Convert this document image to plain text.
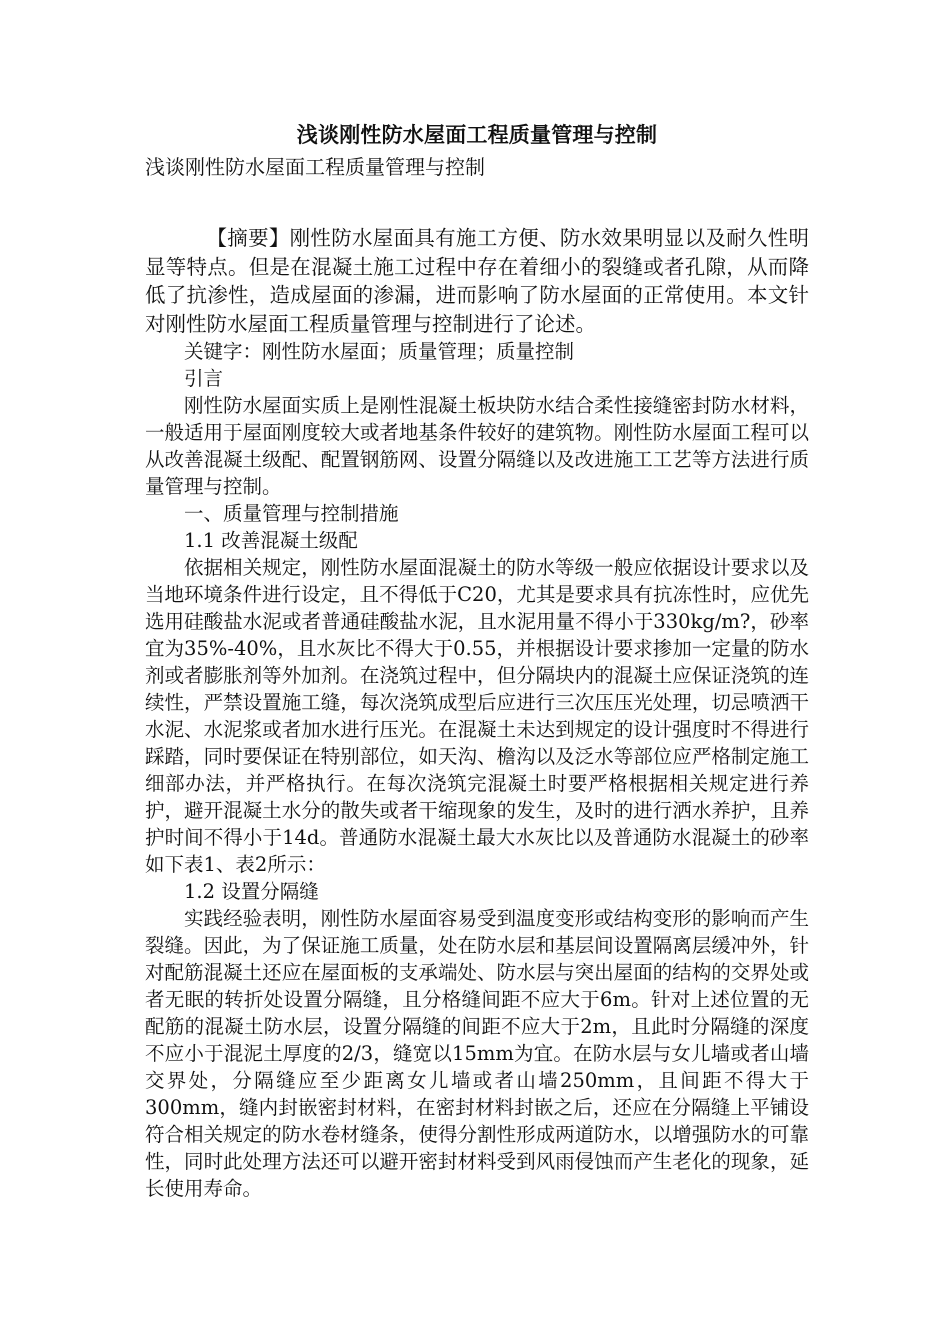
浅谈刚性防水屋面工程质量管理与控制

浅谈刚性防水屋面工程质量管理与控制

【摘要】刚性防水屋面具有施工方便、防水效果明显以及耐久性明显等特点。但是在混凝土施工过程中存在着细小的裂缝或者孔隙，从而降低了抗渗性，造成屋面的渗漏，进而影响了防水屋面的正常使用。本文针对刚性防水屋面工程质量管理与控制进行了论述。

关键字：刚性防水屋面；质量管理；质量控制

引言

刚性防水屋面实质上是刚性混凝土板块防水结合柔性接缝密封防水材料，一般适用于屋面刚度较大或者地基条件较好的建筑物。刚性防水屋面工程可以从改善混凝土级配、配置钢筋网、设置分隔缝以及改进施工工艺等方法进行质量管理与控制。

一、质量管理与控制措施

1.1 改善混凝土级配

依据相关规定，刚性防水屋面混凝土的防水等级一般应依据设计要求以及当地环境条件进行设定，且不得低于C20，尤其是要求具有抗冻性时，应优先选用硅酸盐水泥或者普通硅酸盐水泥，且水泥用量不得小于330kg/m?，砂率宜为35%-40%，且水灰比不得大于0.55，并根据设计要求掺加一定量的防水剂或者膨胀剂等外加剂。在浇筑过程中，但分隔块内的混凝土应保证浇筑的连续性，严禁设置施工缝，每次浇筑成型后应进行三次压压光处理，切忌喷洒干水泥、水泥浆或者加水进行压光。在混凝土未达到规定的设计强度时不得进行踩踏，同时要保证在特别部位，如天沟、檐沟以及泛水等部位应严格制定施工细部办法，并严格执行。在每次浇筑完混凝土时要严格根据相关规定进行养护，避开混凝土水分的散失或者干缩现象的发生，及时的进行洒水养护，且养护时间不得小于14d。普通防水混凝土最大水灰比以及普通防水混凝土的砂率如下表1、表2所示：

1.2 设置分隔缝

实践经验表明，刚性防水屋面容易受到温度变形或结构变形的影响而产生裂缝。因此，为了保证施工质量，处在防水层和基层间设置隔离层缓冲外，针对配筋混凝土还应在屋面板的支承端处、防水层与突出屋面的结构的交界处或者无眠的转折处设置分隔缝，且分格缝间距不应大于6m。针对上述位置的无配筋的混凝土防水层，设置分隔缝的间距不应大于2m，且此时分隔缝的深度不应小于混泥土厚度的2/3，缝宽以15mm为宜。在防水层与女儿墙或者山墙交界处，分隔缝应至少距离女儿墙或者山墙250mm，且间距不得大于300mm，缝内封嵌密封材料，在密封材料封嵌之后，还应在分隔缝上平铺设符合相关规定的防水卷材缝条，使得分割性形成两道防水，以增强防水的可靠性，同时此处理方法还可以避开密封材料受到风雨侵蚀而产生老化的现象，延长使用寿命。
